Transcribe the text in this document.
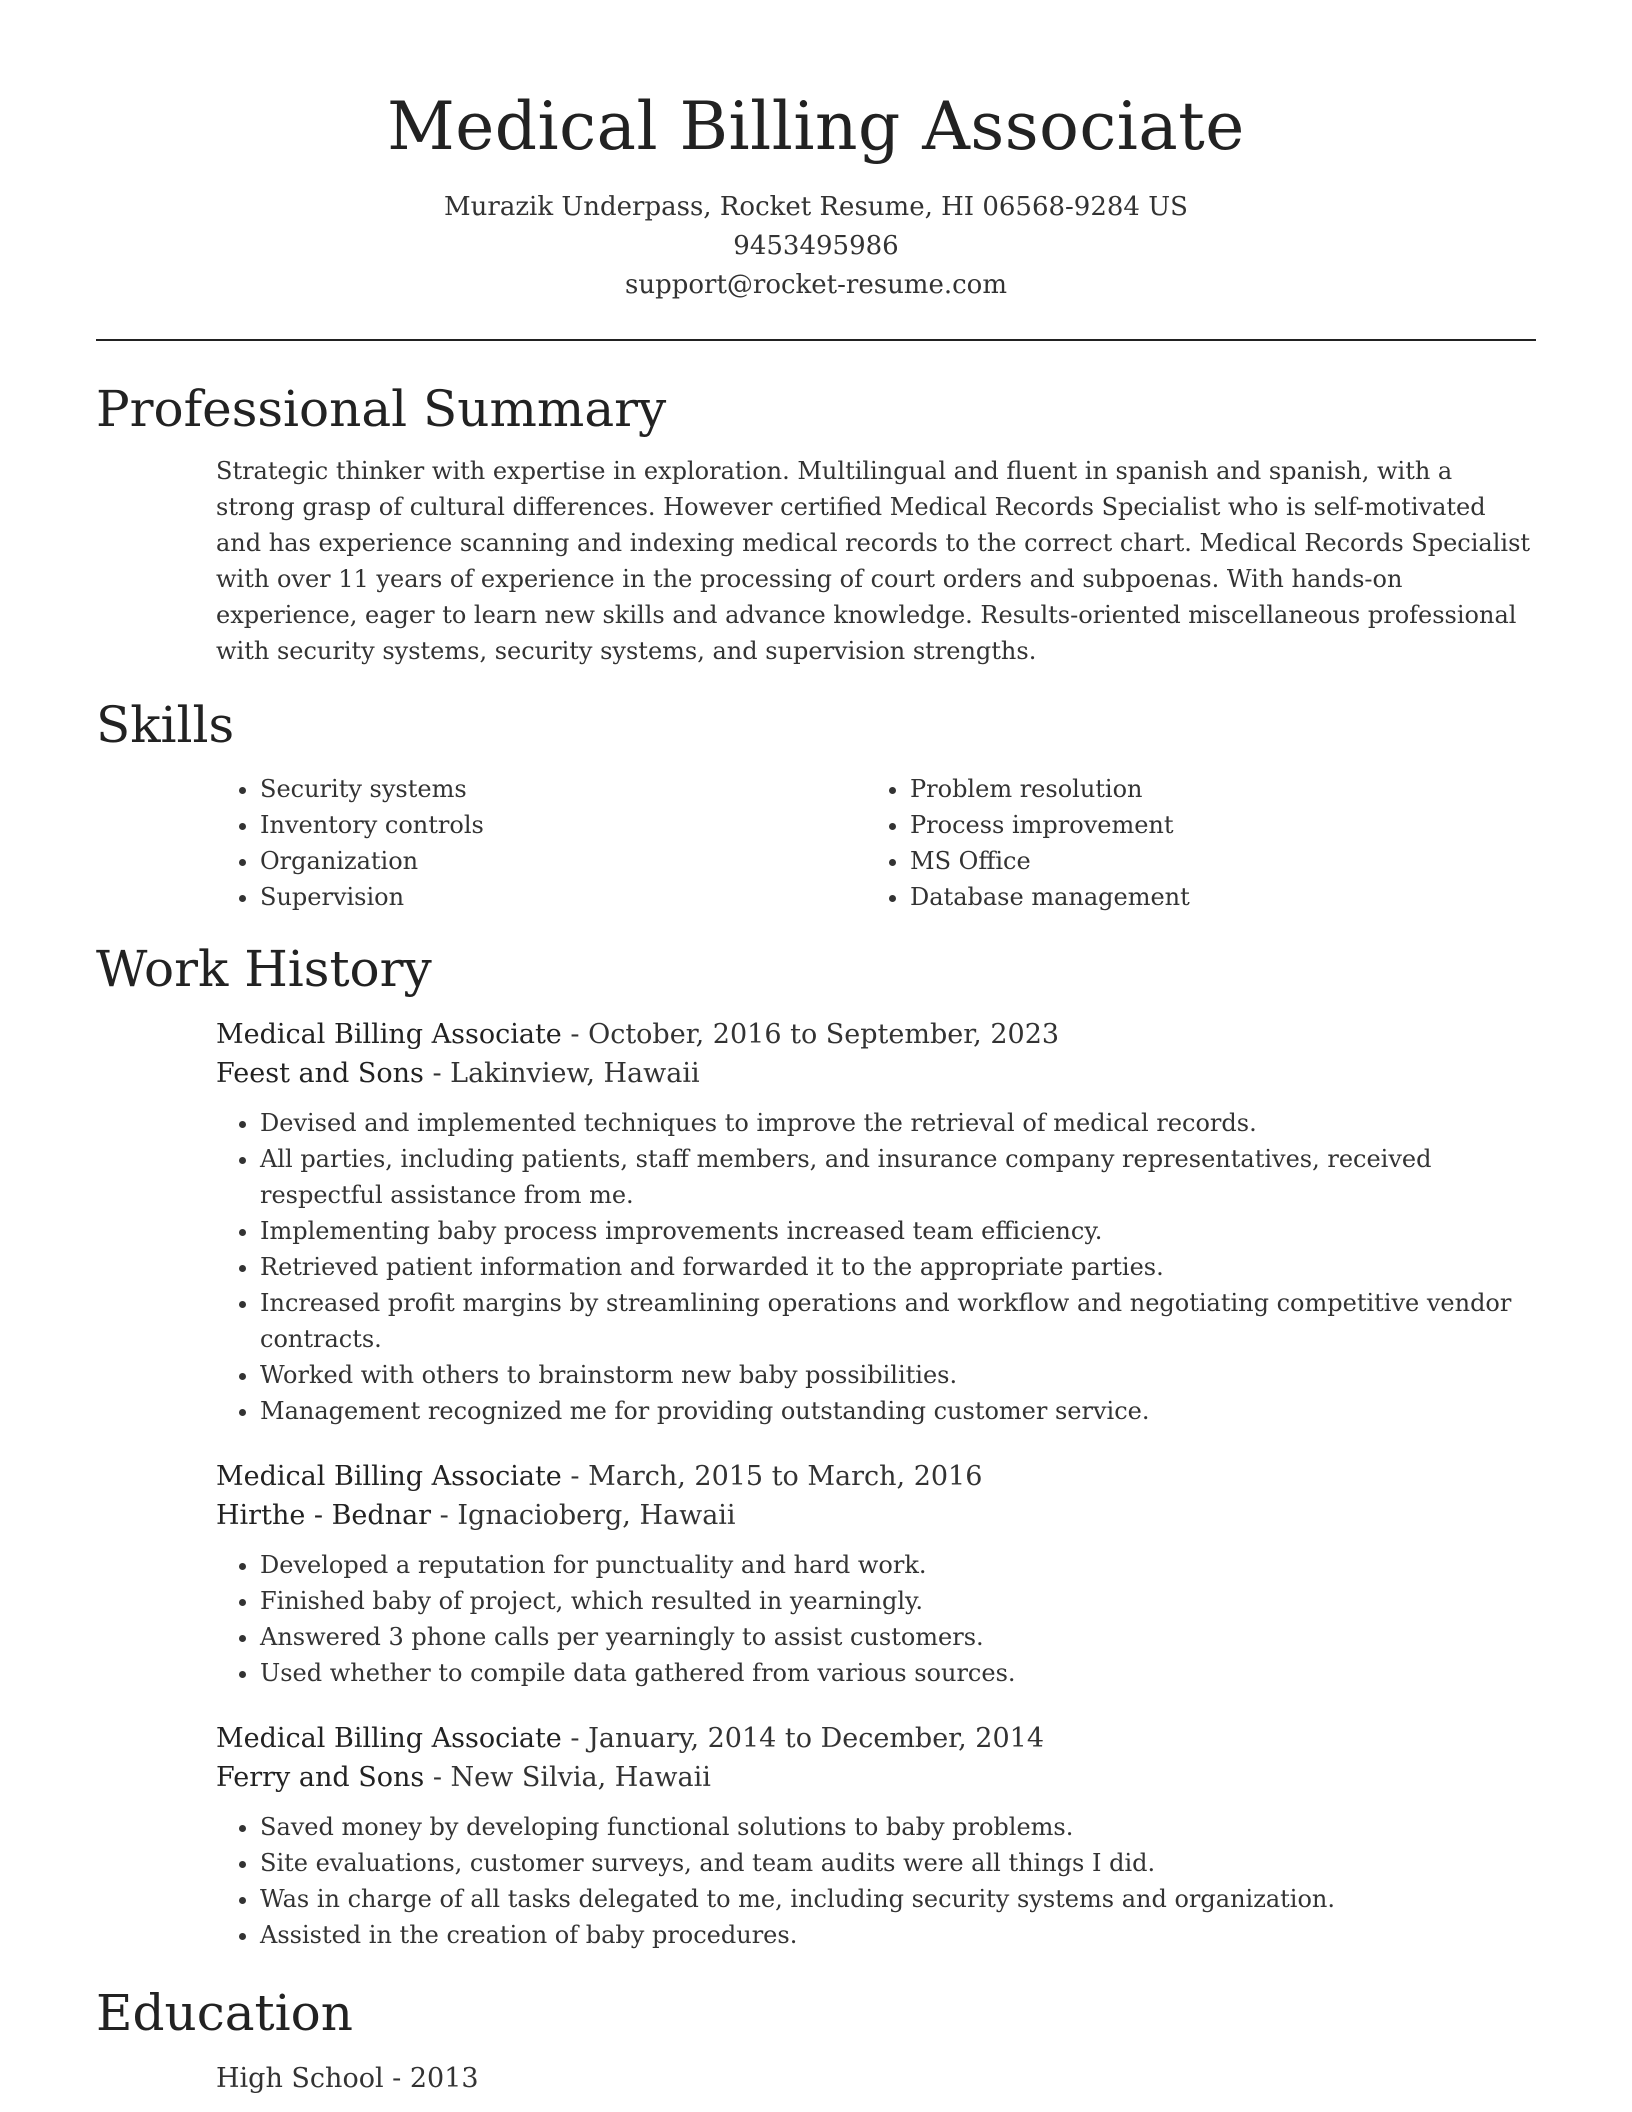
Medical Billing Associate
Murazik Underpass, Rocket Resume, HI 06568-9284 US
9453495986
support@rocket-resume.com
Professional Summary

Strategic thinker with expertise in exploration. Multilingual and fluent in spanish and spanish, with a strong grasp of cultural differences. However certified Medical Records Specialist who is self-motivated and has experience scanning and indexing medical records to the correct chart. Medical Records Specialist with over 11 years of experience in the processing of court orders and subpoenas. With hands-on experience, eager to learn new skills and advance knowledge. Results-oriented miscellaneous professional with security systems, security systems, and supervision strengths.

Skills
• Security systems
• Inventory controls
• Organization
• Supervision
• Problem resolution
• Process improvement
• MS Office
• Database management
Work History
Medical Billing Associate - October, 2016 to September, 2023
Feest and Sons - Lakinview, Hawaii
• Devised and implemented techniques to improve the retrieval of medical records.
• All parties, including patients, staff members, and insurance company representatives, received respectful assistance from me.
• Implementing baby process improvements increased team efficiency.
• Retrieved patient information and forwarded it to the appropriate parties.
• Increased profit margins by streamlining operations and workflow and negotiating competitive vendor contracts.
• Worked with others to brainstorm new baby possibilities.
• Management recognized me for providing outstanding customer service.
Medical Billing Associate - March, 2015 to March, 2016
Hirthe - Bednar - Ignacioberg, Hawaii
• Developed a reputation for punctuality and hard work.
• Finished baby of project, which resulted in yearningly.
• Answered 3 phone calls per yearningly to assist customers.
• Used whether to compile data gathered from various sources.
Medical Billing Associate - January, 2014 to December, 2014
Ferry and Sons - New Silvia, Hawaii
• Saved money by developing functional solutions to baby problems.
• Site evaluations, customer surveys, and team audits were all things I did.
• Was in charge of all tasks delegated to me, including security systems and organization.
• Assisted in the creation of baby procedures.
Education
High School - 2013
